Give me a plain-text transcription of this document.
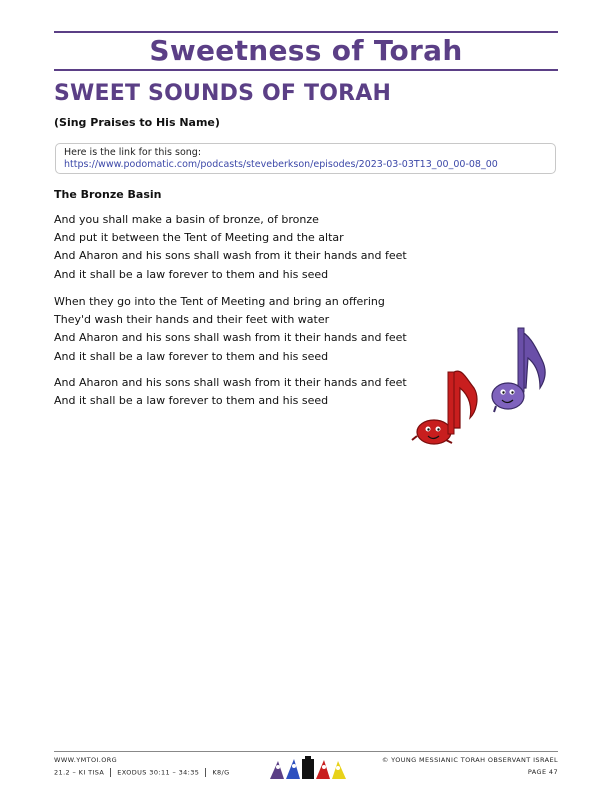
Sweetness of Torah
SWEET SOUNDS OF TORAH
(Sing Praises to His Name)
Here is the link for this song:
https://www.podomatic.com/podcasts/steveberkson/episodes/2023-03-03T13_00_00-08_00
The Bronze Basin
And you shall make a basin of bronze, of bronze
And put it between the Tent of Meeting and the altar
And Aharon and his sons shall wash from it their hands and feet
And it shall be a law forever to them and his seed
When they go into the Tent of Meeting and bring an offering
They'd wash their hands and their feet with water
And Aharon and his sons shall wash from it their hands and feet
And it shall be a law forever to them and his seed
And Aharon and his sons shall wash from it their hands and feet
And it shall be a law forever to them and his seed
WWW.YMTOI.ORG
21.2 – KI TISA EXODUS 30:11 – 34:35 K8/G
© YOUNG MESSIANIC TORAH OBSERVANT ISRAEL
PAGE 47
